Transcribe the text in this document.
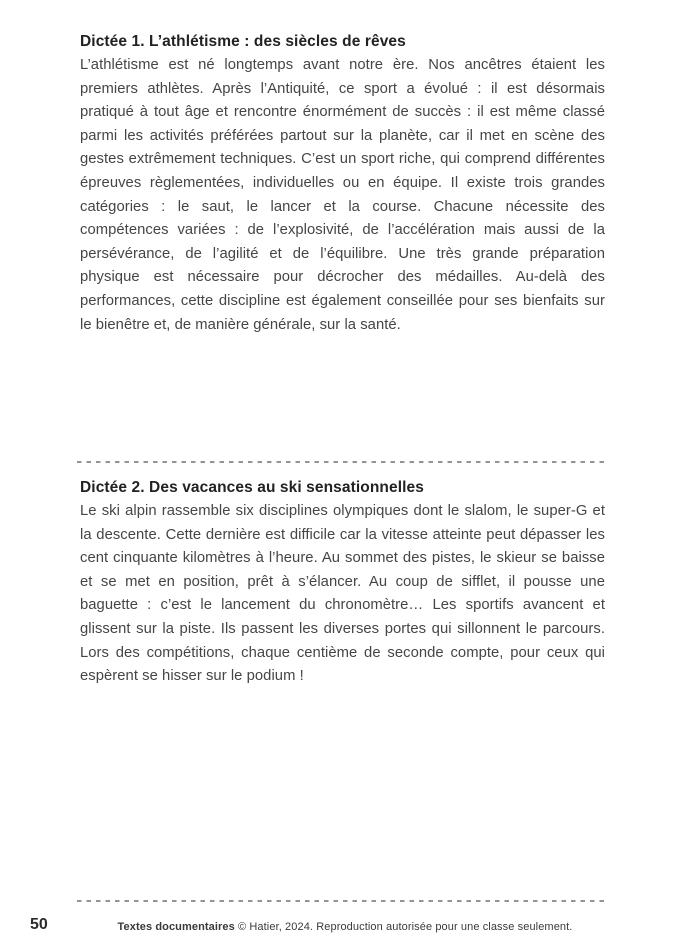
Dictée 1. L’athlétisme : des siècles de rêves

L’athlétisme est né longtemps avant notre ère. Nos ancêtres étaient les premiers athlètes. Après l’Antiquité, ce sport a évolué : il est désormais pratiqué à tout âge et rencontre énormément de succès : il est même classé parmi les activités préférées partout sur la planète, car il met en scène des gestes extrêmement techniques. C’est un sport riche, qui comprend différentes épreuves règlementées, individuelles ou en équipe. Il existe trois grandes catégories : le saut, le lancer et la course. Chacune nécessite des compétences variées : de l’explosivité, de l’accélération mais aussi de la persévérance, de l’agilité et de l’équilibre. Une très grande préparation physique est nécessaire pour décrocher des médailles. Au-delà des performances, cette discipline est également conseillée pour ses bienfaits sur le bienêtre et, de manière générale, sur la santé.

Dictée 2. Des vacances au ski sensationnelles

Le ski alpin rassemble six disciplines olympiques dont le slalom, le super-G et la descente. Cette dernière est difficile car la vitesse atteinte peut dépasser les cent cinquante kilomètres à l’heure. Au sommet des pistes, le skieur se baisse et se met en position, prêt à s’élancer. Au coup de sifflet, il pousse une baguette : c’est le lancement du chronomètre… Les sportifs avancent et glissent sur la piste. Ils passent les diverses portes qui sillonnent le parcours. Lors des compétitions, chaque centième de seconde compte, pour ceux qui espèrent se hisser sur le podium !

50	Textes documentaires © Hatier, 2024. Reproduction autorisée pour une classe seulement.
